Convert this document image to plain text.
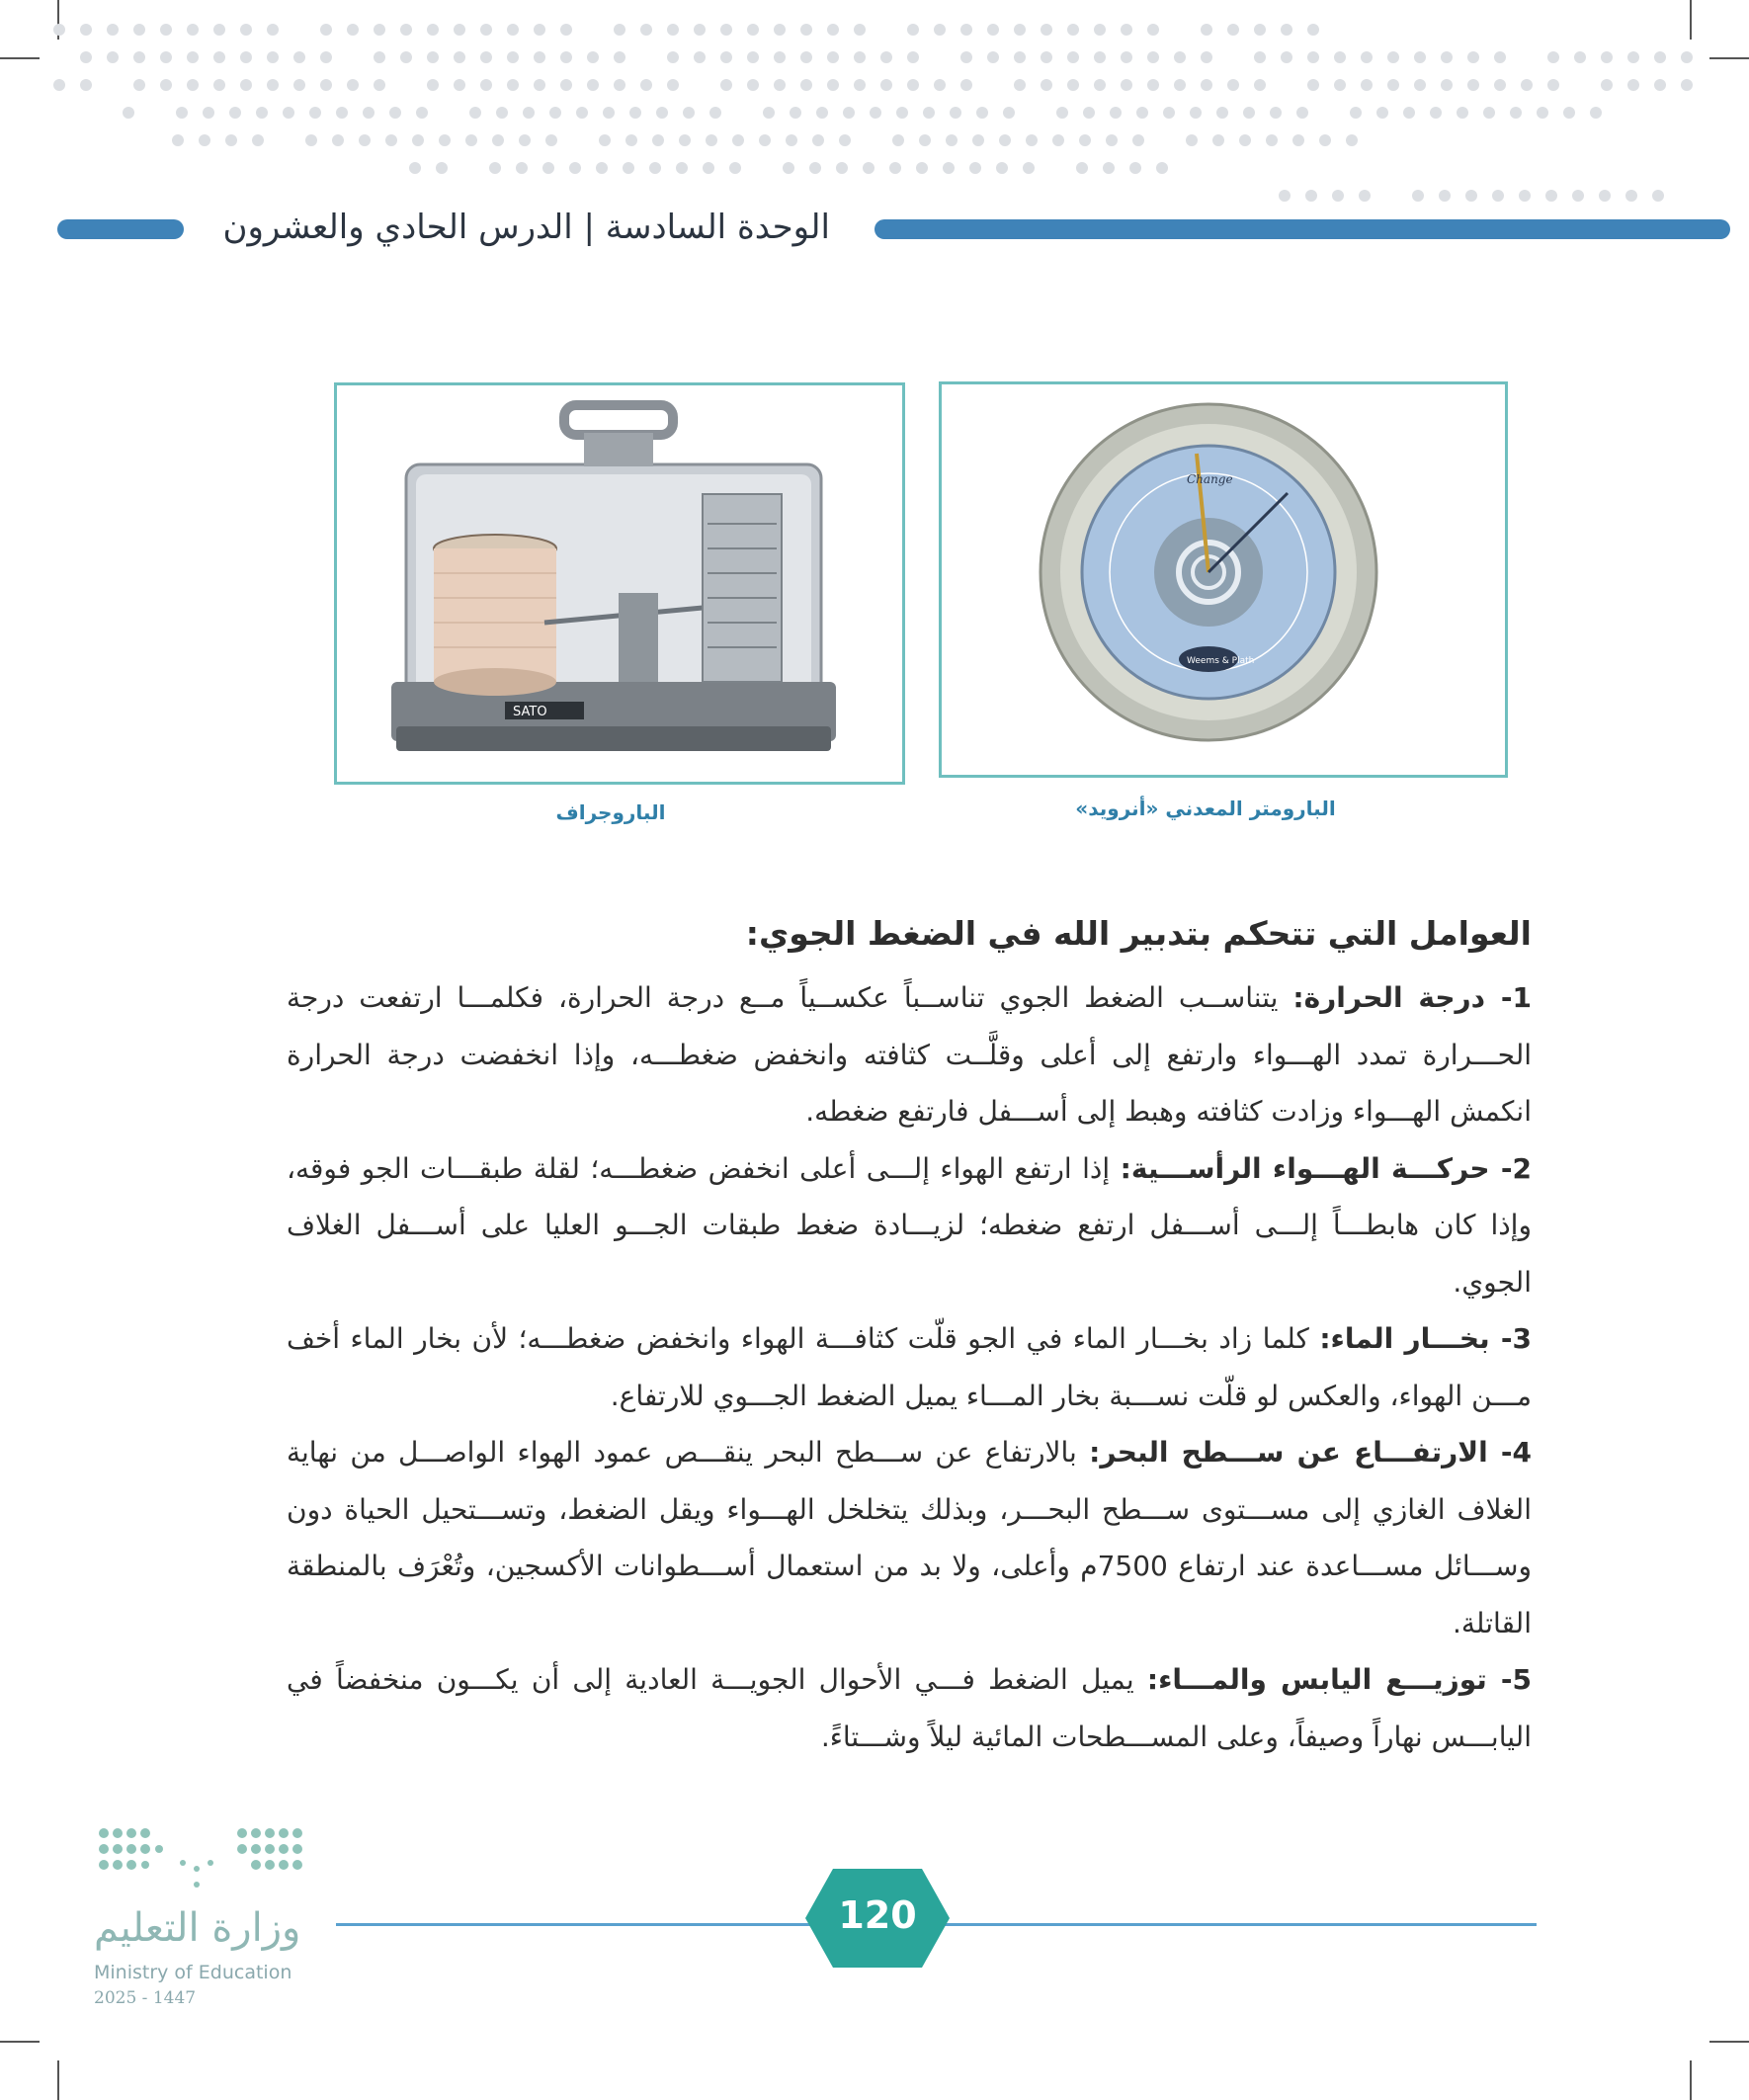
الوحدة السادسة | الدرس الحادي والعشرون
SATO
الباروجراف
Change
Weems & Plath
البارومتر المعدني «أنرويد»
العوامل التي تتحكم بتدبير الله في الضغط الجوي:

1- درجة الحرارة: يتناســب الضغط الجوي تناســباً عكســياً مــع درجة الحرارة، فكلمـــا ارتفعت درجة الحـــرارة تمدد الهـــواء وارتفع إلى أعلى وقلَّــت كثافته وانخفض ضغطـــه، وإذا انخفضت درجة الحرارة انكمش الهـــواء وزادت كثافته وهبط إلى أســـفل فارتفع ضغطه.

2- حركـــة الهـــواء الرأســـية: إذا ارتفع الهواء إلـــى أعلى انخفض ضغطـــه؛ لقلة طبقـــات الجو فوقه، وإذا كان هابطـــاً إلـــى أســـفل ارتفع ضغطه؛ لزيـــادة ضغط طبقات الجـــو العليا على أســـفل الغلاف الجوي.

3- بخـــار الماء: كلما زاد بخـــار الماء في الجو قلّت كثافـــة الهواء وانخفض ضغطـــه؛ لأن بخار الماء أخف مـــن الهواء، والعكس لو قلّت نســـبة بخار المـــاء يميل الضغط الجـــوي للارتفاع.

4- الارتفـــاع عن ســـطح البحر: بالارتفاع عن ســـطح البحر ينقـــص عمود الهواء الواصـــل من نهاية الغلاف الغازي إلى مســـتوى ســـطح البحـــر، وبذلك يتخلخل الهـــواء ويقل الضغط، وتســـتحيل الحياة دون وســـائل مســـاعدة عند ارتفاع 7500م وأعلى، ولا بد من استعمال أســـطوانات الأكسجين، وتُعْرَف بالمنطقة القاتلة.

5- توزيـــع اليابس والمـــاء: يميل الضغط فـــي الأحوال الجويـــة العادية إلى أن يكـــون منخفضاً في اليابـــس نهاراً وصيفاً، وعلى المســـطحات المائية ليلاً وشـــتاءً.

120
وزارة التعليم
Ministry of Education
2025 - 1447
